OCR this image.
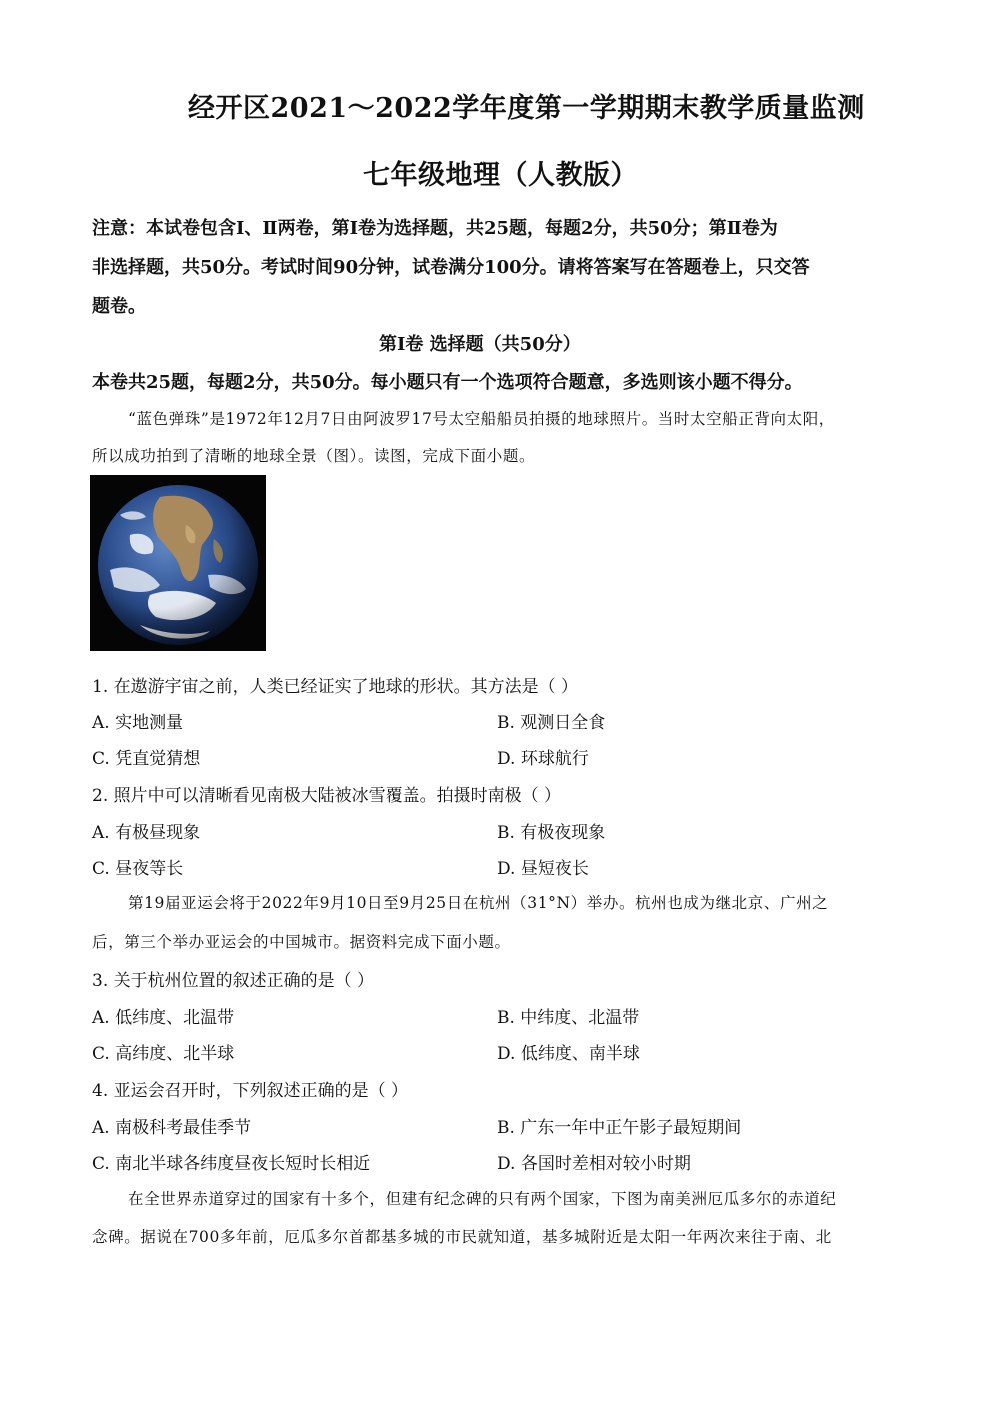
经开区2021～2022学年度第一学期期末教学质量监测
七年级地理（人教版）
注意：本试卷包含Ⅰ、Ⅱ两卷，第Ⅰ卷为选择题，共25题，每题2分，共50分；第Ⅱ卷为
非选择题，共50分。考试时间90分钟，试卷满分100分。请将答案写在答题卷上，只交答
题卷。
第Ⅰ卷 选择题（共50分）
本卷共25题，每题2分，共50分。每小题只有一个选项符合题意，多选则该小题不得分。
“蓝色弹珠”是1972年12月7日由阿波罗17号太空船船员拍摄的地球照片。当时太空船正背向太阳，
所以成功拍到了清晰的地球全景（图）。读图，完成下面小题。
1. 在遨游宇宙之前，人类已经证实了地球的形状。其方法是（ ）
A. 实地测量	B. 观测日全食
C. 凭直觉猜想	D. 环球航行
2. 照片中可以清晰看见南极大陆被冰雪覆盖。拍摄时南极（ ）
A. 有极昼现象	B. 有极夜现象
C. 昼夜等长	D. 昼短夜长
第19届亚运会将于2022年9月10日至9月25日在杭州（31°N）举办。杭州也成为继北京、广州之
后，第三个举办亚运会的中国城市。据资料完成下面小题。
3. 关于杭州位置的叙述正确的是（ ）
A. 低纬度、北温带	B. 中纬度、北温带
C. 高纬度、北半球	D. 低纬度、南半球
4. 亚运会召开时，下列叙述正确的是（ ）
A. 南极科考最佳季节	B. 广东一年中正午影子最短期间
C. 南北半球各纬度昼夜长短时长相近	D. 各国时差相对较小时期
在全世界赤道穿过的国家有十多个，但建有纪念碑的只有两个国家，下图为南美洲厄瓜多尔的赤道纪
念碑。据说在700多年前，厄瓜多尔首都基多城的市民就知道，基多城附近是太阳一年两次来往于南、北
